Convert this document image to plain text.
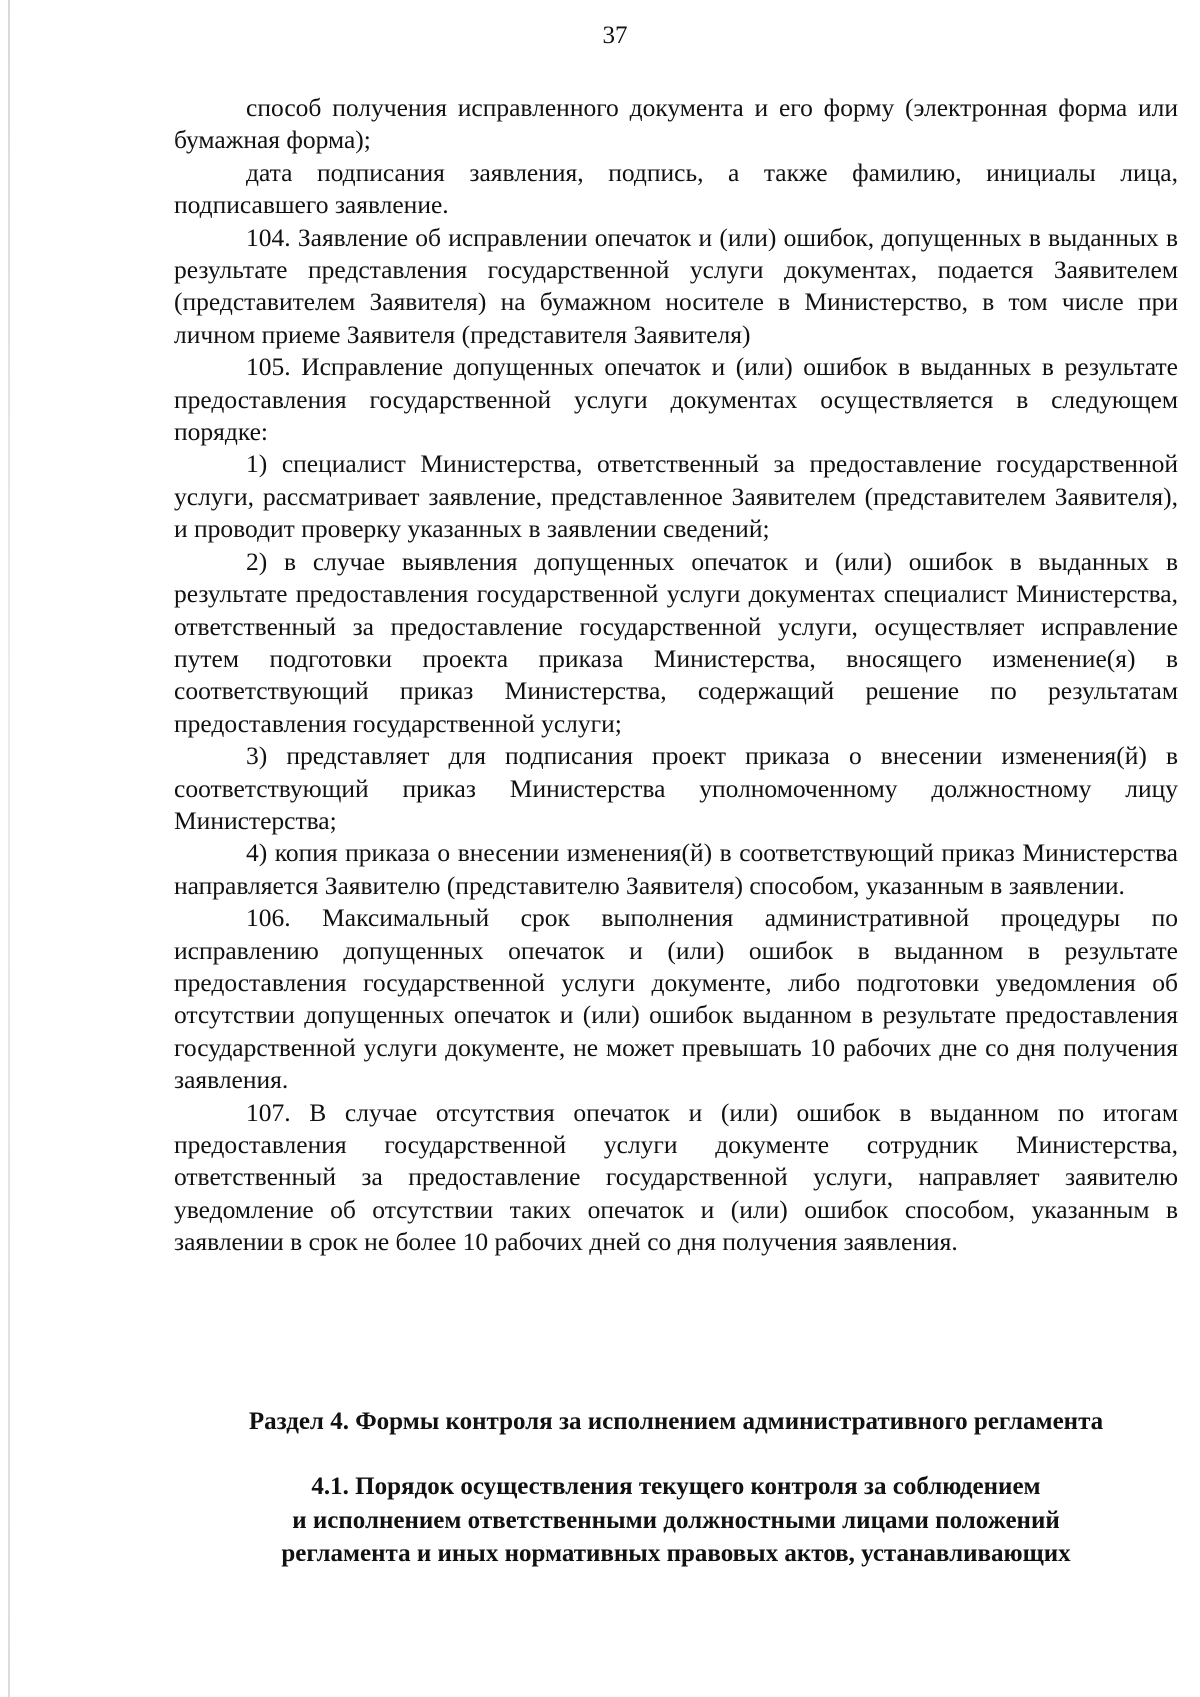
37

способ получения исправленного документа и его форму (электронная форма или бумажная форма);

дата подписания заявления, подпись, а также фамилию, инициалы лица, подписавшего заявление.

104. Заявление об исправлении опечаток и (или) ошибок, допущенных в выданных в результате представления государственной услуги документах, подается Заявителем (представителем Заявителя) на бумажном носителе в Министерство, в том числе при личном приеме Заявителя (представителя Заявителя)

105. Исправление допущенных опечаток и (или) ошибок в выданных в результате предоставления государственной услуги документах осуществляется в следующем порядке:

1) специалист Министерства, ответственный за предоставление государственной услуги, рассматривает заявление, представленное Заявителем (представителем Заявителя), и проводит проверку указанных в заявлении сведений;

2) в случае выявления допущенных опечаток и (или) ошибок в выданных в результате предоставления государственной услуги документах специалист Министерства, ответственный за предоставление государственной услуги, осуществляет исправление путем подготовки проекта приказа Министерства, вносящего изменение(я) в соответствующий приказ Министерства, содержащий решение по результатам предоставления государственной услуги;

3) представляет для подписания проект приказа о внесении изменения(й) в соответствующий приказ Министерства уполномоченному должностному лицу Министерства;

4) копия приказа о внесении изменения(й) в соответствующий приказ Министерства направляется Заявителю (представителю Заявителя) способом, указанным в заявлении.

106. Максимальный срок выполнения административной процедуры по исправлению допущенных опечаток и (или) ошибок в выданном в результате предоставления государственной услуги документе, либо подготовки уведомления об отсутствии допущенных опечаток и (или) ошибок выданном в результате предоставления государственной услуги документе, не может превышать 10 рабочих дне со дня получения заявления.

107. В случае отсутствия опечаток и (или) ошибок в выданном по итогам предоставления государственной услуги документе сотрудник Министерства, ответственный за предоставление государственной услуги, направляет заявителю уведомление об отсутствии таких опечаток и (или) ошибок способом, указанным в заявлении в срок не более 10 рабочих дней со дня получения заявления.

Раздел 4. Формы контроля за исполнением административного регламента
4.1. Порядок осуществления текущего контроля за соблюдением
и исполнением ответственными должностными лицами положений
регламента и иных нормативных правовых актов, устанавливающих
